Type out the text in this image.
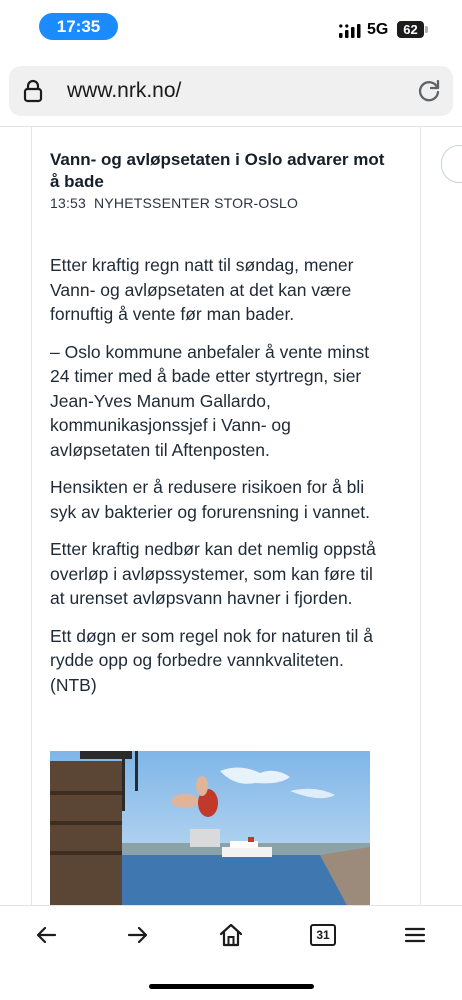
17:35	5G	62
www.nrk.no/
Vann- og avløpsetaten i Oslo advarer mot å bade
13:53 NYHETSSENTER STOR-OSLO

Etter kraftig regn natt til søndag, mener Vann- og avløpsetaten at det kan være fornuftig å vente før man bader.

– Oslo kommune anbefaler å vente minst 24 timer med å bade etter styrtregn, sier Jean-Yves Manum Gallardo, kommunikasjonssjef i Vann- og avløpsetaten til Aftenposten.

Hensikten er å redusere risikoen for å bli syk av bakterier og forurensning i vannet.

Etter kraftig nedbør kan det nemlig oppstå overløp i avløpssystemer, som kan føre til at urenset avløpsvann havner i fjorden.

Ett døgn er som regel nok for naturen til å rydde opp og forbedre vannkvaliteten. (NTB)

31
